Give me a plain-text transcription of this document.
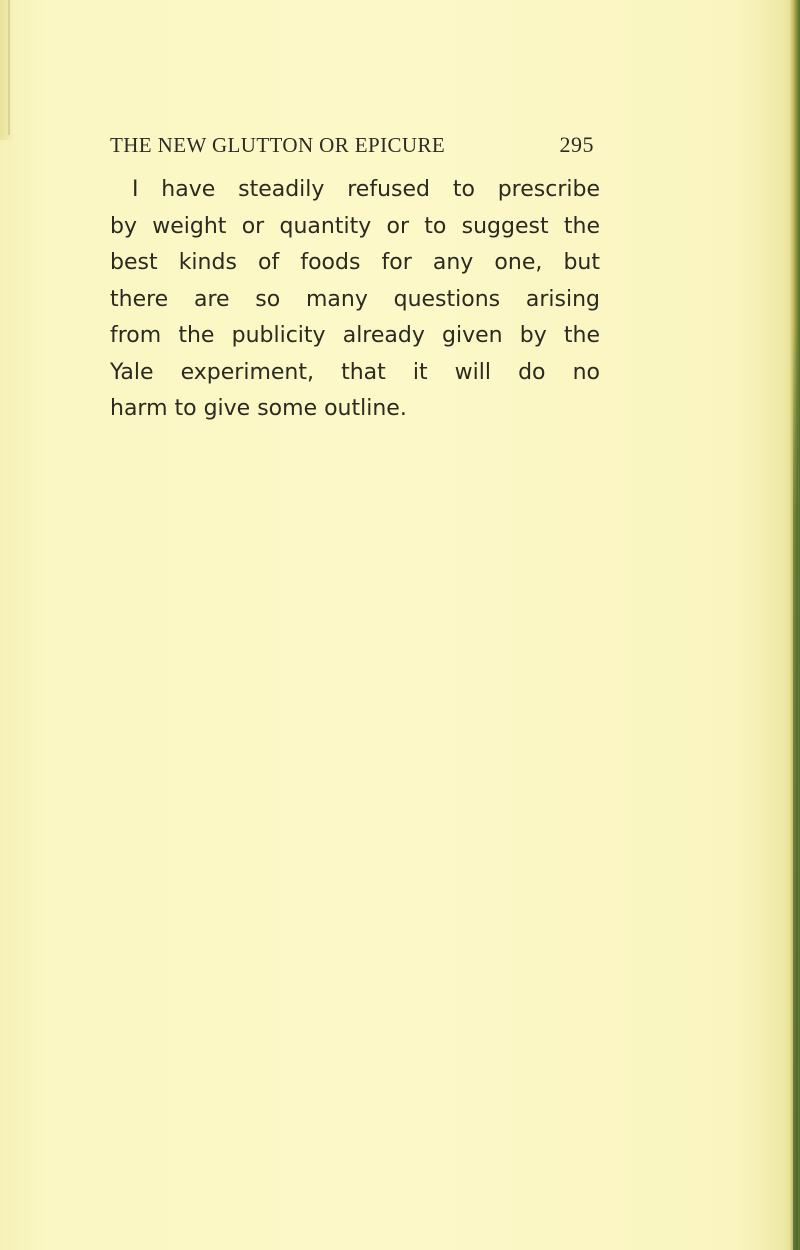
THE NEW GLUTTON OR EPICURE	295
I have steadily refused to prescribe
by weight or quantity or to suggest the
best kinds of foods for any one, but
there are so many questions arising
from the publicity already given by the
Yale experiment, that it will do no
harm to give some outline.
